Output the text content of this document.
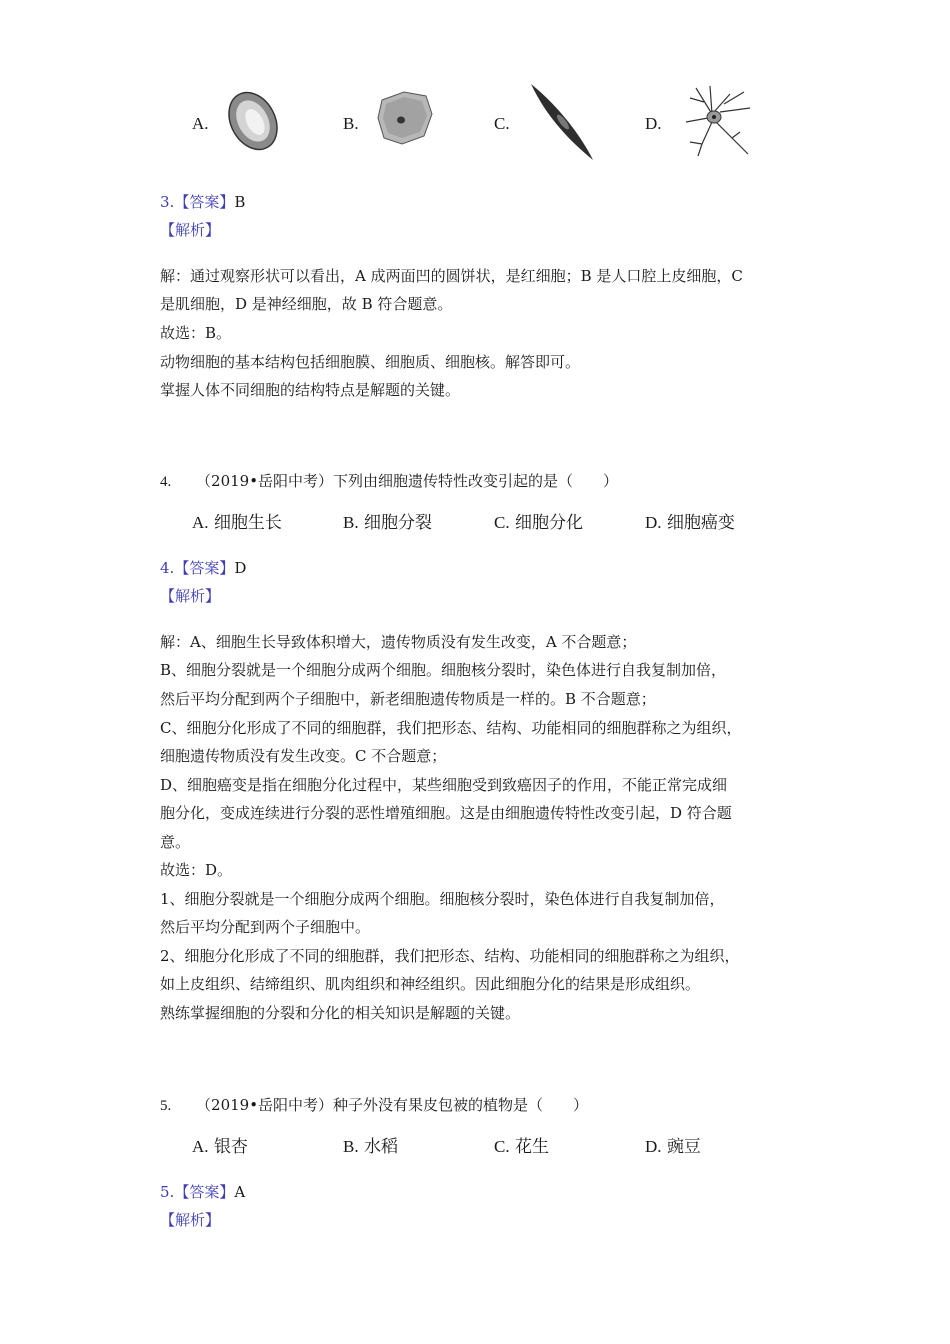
A.	B.	C.	D.
3.【答案】B
【解析】
解：通过观察形状可以看出，A 成两面凹的圆饼状，是红细胞；B 是人口腔上皮细胞，C
是肌细胞，D 是神经细胞，故 B 符合题意。
故选：B。
动物细胞的基本结构包括细胞膜、细胞质、细胞核。解答即可。
掌握人体不同细胞的结构特点是解题的关键。
4. （2019•岳阳中考）下列由细胞遗传特性改变引起的是（　　）
A. 细胞生长	B. 细胞分裂	C. 细胞分化	D. 细胞癌变
4.【答案】D
【解析】
解：A、细胞生长导致体积增大，遗传物质没有发生改变，A 不合题意；
B、细胞分裂就是一个细胞分成两个细胞。细胞核分裂时，染色体进行自我复制加倍，
然后平均分配到两个子细胞中，新老细胞遗传物质是一样的。B 不合题意；
C、细胞分化形成了不同的细胞群，我们把形态、结构、功能相同的细胞群称之为组织，
细胞遗传物质没有发生改变。C 不合题意；
D、细胞癌变是指在细胞分化过程中，某些细胞受到致癌因子的作用，不能正常完成细
胞分化，变成连续进行分裂的恶性增殖细胞。这是由细胞遗传特性改变引起，D 符合题
意。
故选：D。
1、细胞分裂就是一个细胞分成两个细胞。细胞核分裂时，染色体进行自我复制加倍，
然后平均分配到两个子细胞中。
2、细胞分化形成了不同的细胞群，我们把形态、结构、功能相同的细胞群称之为组织，
如上皮组织、结缔组织、肌肉组织和神经组织。因此细胞分化的结果是形成组织。
熟练掌握细胞的分裂和分化的相关知识是解题的关键。
5. （2019•岳阳中考）种子外没有果皮包被的植物是（　　）
A. 银杏	B. 水稻	C. 花生	D. 豌豆
5.【答案】A
【解析】
